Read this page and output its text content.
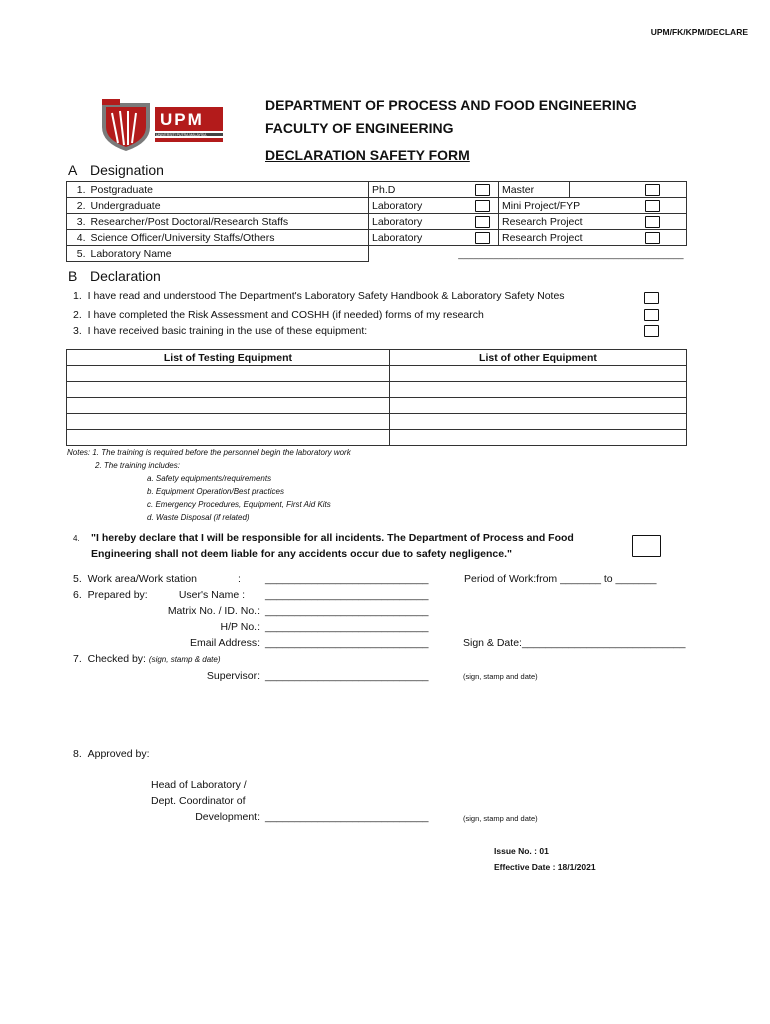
UPM/FK/KPM/DECLARE
UPM
UNIVERSITI PUTRA MALAYSIA
DEPARTMENT OF PROCESS AND FOOD ENGINEERING
FACULTY OF ENGINEERING
DECLARATION SAFETY FORM
A Designation
1.	Postgraduate	Ph.D	Master

2.	Undergraduate	Laboratory	Mini Project/FYP

3.	Researcher/Post Doctoral/Research Staffs	Laboratory	Research Project

4.	Science Officer/University Staffs/Others	Laboratory	Research Project

5.	Laboratory Name	_____________________________________________	
B Declaration
1. I have read and understood The Department's Laboratory Safety Handbook & Laboratory Safety Notes
2. I have completed the Risk Assessment and COSHH (if needed) forms of my research
3. I have received basic training in the use of these equipment:
List of Testing Equipment	List of other Equipment

Notes: 1. The training is required before the personnel begin the laboratory work
2. The training includes:
a. Safety equipments/requirements
b. Equipment Operation/Best practices
c. Emergency Procedures, Equipment, First Aid Kits
d. Waste Disposal (if related)
4. "I hereby declare that I will be responsible for all incidents. The Department of Process and Food
Engineering shall not deem liable for any accidents occur due to safety negligence."
5. Work area/Work station	: ____________________________	Period of Work:from _______ to _______
6. Prepared by:	User's Name : ____________________________
Matrix No. / ID. No.: ____________________________
H/P No.: ____________________________
Email Address: ____________________________	Sign & Date:____________________________
7. Checked by: (sign, stamp & date)
Supervisor: ____________________________	(sign, stamp and date)
8. Approved by:
Head of Laboratory /
Dept. Coordinator of
Development: ____________________________	(sign, stamp and date)
Issue No. : 01
Effective Date : 18/1/2021
